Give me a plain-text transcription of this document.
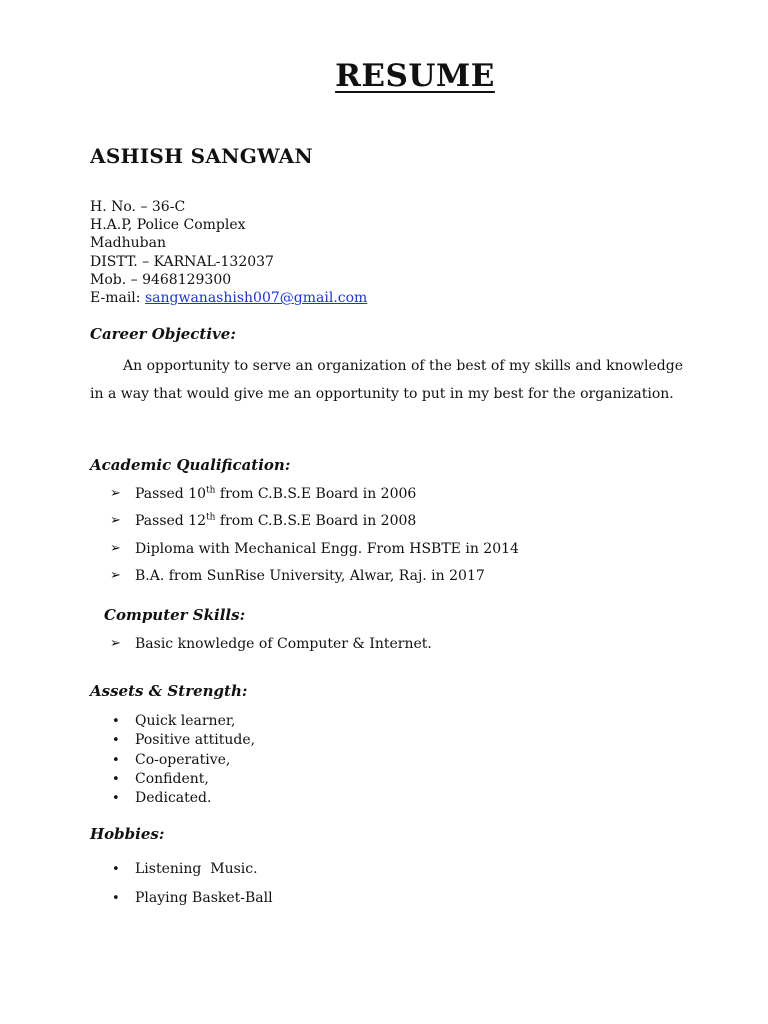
RESUME
ASHISH SANGWAN
H. No. – 36-C
H.A.P, Police Complex
Madhuban
DISTT. – KARNAL-132037
Mob. – 9468129300
E-mail: sangwanashish007@gmail.com
Career Objective:

An opportunity to serve an organization of the best of my skills and knowledge in a way that would give me an opportunity to put in my best for the organization.

Academic Qualification:
➢	Passed 10th from C.B.S.E Board in 2006
➢	Passed 12th from C.B.S.E Board in 2008
➢	Diploma with Mechanical Engg. From HSBTE in 2014
➢	B.A. from SunRise University, Alwar, Raj. in 2017
Computer Skills:
➢	Basic knowledge of Computer & Internet.
Assets & Strength:
•	Quick learner,
•	Positive attitude,
•	Co-operative,
•	Confident,
•	Dedicated.
Hobbies:
•	Listening  Music.
•	Playing Basket-Ball
